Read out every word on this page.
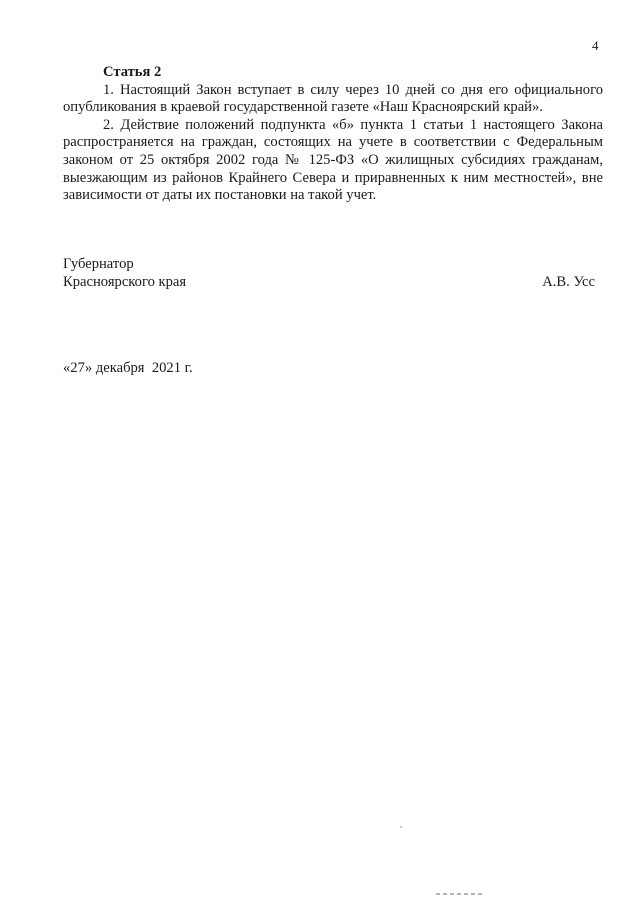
4

Статья 2

1. Настоящий Закон вступает в силу через 10 дней со дня его официального опубликования в краевой государственной газете «Наш Красноярский край».

2. Действие положений подпункта «б» пункта 1 статьи 1 настоящего Закона распространяется на граждан, состоящих на учете в соответствии с Федеральным законом от 25 октября 2002 года № 125-ФЗ «О жилищных субсидиях гражданам, выезжающим из районов Крайнего Севера и приравненных к ним местностей», вне зависимости от даты их постановки на такой учет.

Губернатор
Красноярского края	А.В. Усс
«27» декабря  2021 г.
